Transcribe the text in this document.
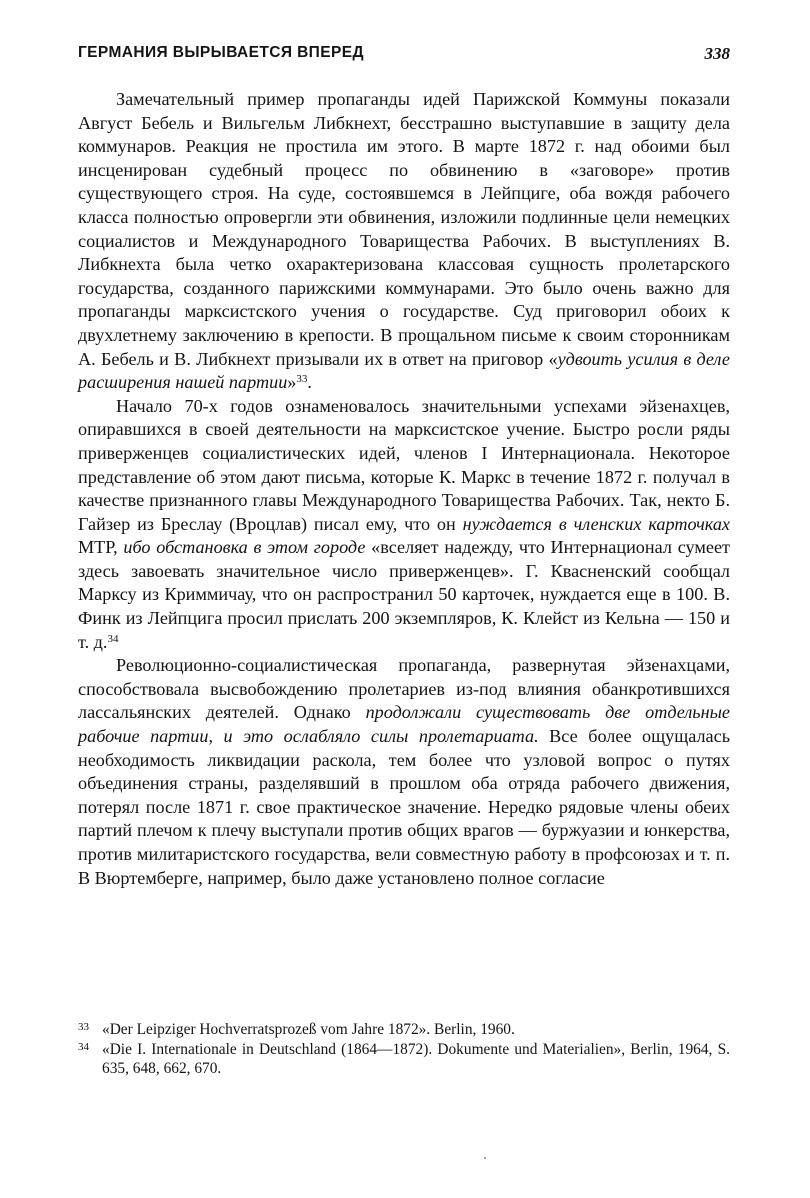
ГЕРМАНИЯ ВЫРЫВАЕТСЯ ВПЕРЕД	338

Замечательный пример пропаганды идей Парижской Коммуны показали Август Бебель и Вильгельм Либкнехт, бесстрашно выступавшие в защиту дела коммунаров. Реакция не простила им этого. В марте 1872 г. над обоими был инсценирован судебный процесс по обвинению в «заговоре» против существующего строя. На суде, состоявшемся в Лейпциге, оба вождя рабочего класса полностью опровергли эти обвинения, изложили подлинные цели немецких социалистов и Международного Товарищества Рабочих. В выступлениях В. Либкнехта была четко охарактеризована классовая сущность пролетарского государства, созданного парижскими коммунарами. Это было очень важно для пропаганды марксистского учения о государстве. Суд приговорил обоих к двухлетнему заключению в крепости. В прощальном письме к своим сторонникам А. Бебель и В. Либкнехт призывали их в ответ на приговор «удвоить усилия в деле расширения нашей партии»$^{33}$.

Начало 70-х годов ознаменовалось значительными успехами эйзенахцев, опиравшихся в своей деятельности на марксистское учение. Быстро росли ряды приверженцев социалистических идей, членов I Интернационала. Некоторое представление об этом дают письма, которые К. Маркс в течение 1872 г. получал в качестве признанного главы Международного Товарищества Рабочих. Так, некто Б. Гайзер из Бреслау (Вроцлав) писал ему, что он нуждается в членских карточках МТР, ибо обстановка в этом городе «вселяет надежду, что Интернационал сумеет здесь завоевать значительное число приверженцев». Г. Квасненский сообщал Марксу из Криммичау, что он распространил 50 карточек, нуждается еще в 100. В. Финк из Лейпцига просил прислать 200 экземпляров, К. Клейст из Кельна — 150 и т. д.$^{34}$

Революционно-социалистическая пропаганда, развернутая эйзенахцами, способствовала высвобождению пролетариев из-под влияния обанкротившихся лассальянских деятелей. Однако продолжали существовать две отдельные рабочие партии, и это ослабляло силы пролетариата. Все более ощущалась необходимость ликвидации раскола, тем более что узловой вопрос о путях объединения страны, разделявший в прошлом оба отряда рабочего движения, потерял после 1871 г. свое практическое значение. Нередко рядовые члены обеих партий плечом к плечу выступали против общих врагов — буржуазии и юнкерства, против милитаристского государства, вели совместную работу в профсоюзах и т. п. В Вюртемберге, например, было даже установлено полное согласие

33 «Der Leipziger Hochverratsprozeß vom Jahre 1872». Berlin, 1960.

34 «Die I. Internationale in Deutschland (1864—1872). Dokumente und Materialien», Berlin, 1964, S. 635, 648, 662, 670.
